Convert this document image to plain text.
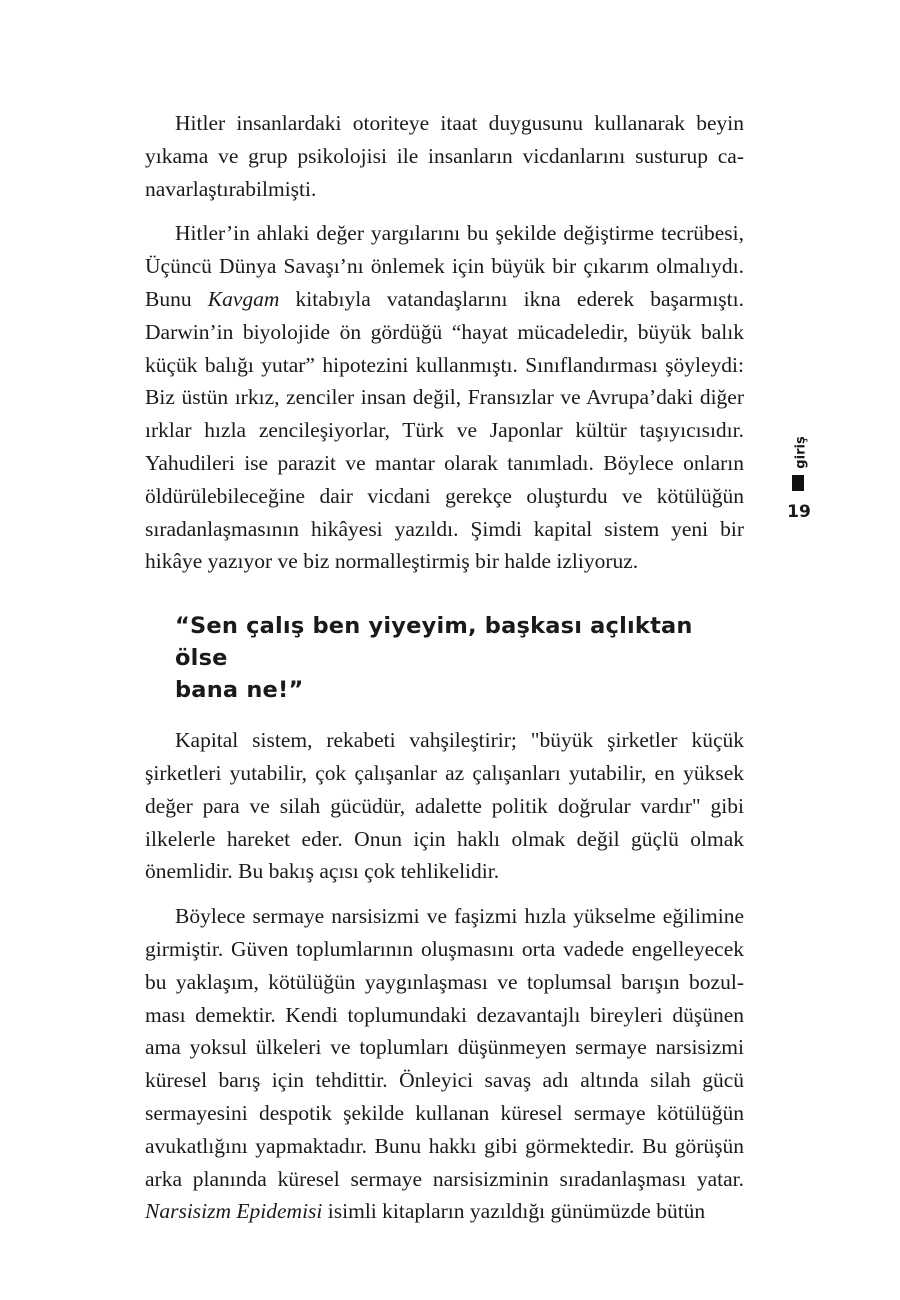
Hitler insanlardaki otoriteye itaat duygusunu kullanarak beyin yıkama ve grup psikolojisi ile insanların vicdanlarını susturup canavarlaştırabilmişti.

Hitler’in ahlaki değer yargılarını bu şekilde değiştirme tecrübesi, Üçüncü Dünya Savaşı’nı önlemek için büyük bir çıkarım olmalıydı. Bunu Kavgam kitabıyla vatandaşlarını ikna ederek başarmıştı. Darwin’in biyolojide ön gördüğü “hayat mücadeledir, büyük balık küçük balığı yutar” hipotezini kullanmıştı. Sınıflandırması şöyleydi: Biz üstün ırkız, zenciler insan değil, Fransızlar ve Avrupa’daki diğer ırklar hızla zencileşiyorlar, Türk ve Japonlar kültür taşıyıcısıdır. Yahudileri ise parazit ve mantar olarak tanımladı. Böylece onların öldürülebileceğine dair vicdani gerekçe oluşturdu ve kötülüğün sıradanlaşmasının hikâyesi yazıldı. Şimdi kapital sistem yeni bir hikâye yazıyor ve biz normalleştirmiş bir halde izliyoruz.

“Sen çalış ben yiyeyim, başkası açlıktan ölse
bana ne!”

Kapital sistem, rekabeti vahşileştirir; "büyük şirketler küçük şirketleri yutabilir, çok çalışanlar az çalışanları yutabilir, en yüksek değer para ve silah gücüdür, adalette politik doğrular vardır" gibi ilkelerle hareket eder. Onun için haklı olmak değil güçlü olmak önemlidir. Bu bakış açısı çok tehlikelidir.

Böylece sermaye narsisizmi ve faşizmi hızla yükselme eğilimine girmiştir. Güven toplumlarının oluşmasını orta vadede engelleyecek bu yaklaşım, kötülüğün yaygınlaşması ve toplumsal barışın bozulması demektir. Kendi toplumundaki dezavantajlı bireyleri düşünen ama yoksul ülkeleri ve toplumları düşünmeyen sermaye narsisizmi küresel barış için tehdittir. Önleyici savaş adı altında silah gücü sermayesini despotik şekilde kullanan küresel sermaye kötülüğün avukatlığını yapmaktadır. Bunu hakkı gibi görmektedir. Bu görüşün arka planında küresel sermaye narsisizminin sıradanlaşması yatar. Narsisizm Epidemisi isimli kitapların yazıldığı günümüzde bütün

giriş
19
